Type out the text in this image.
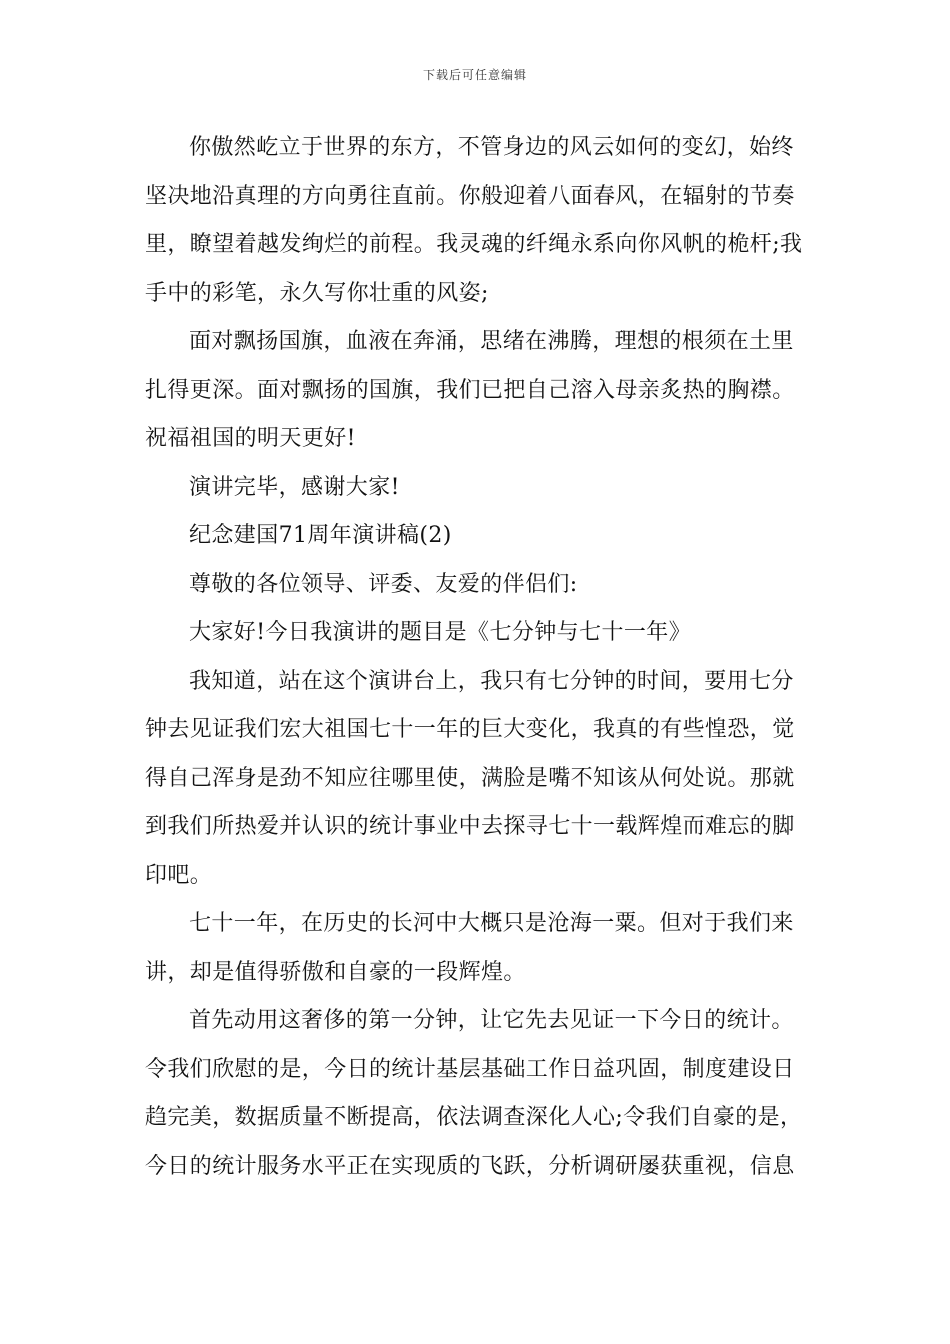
下载后可任意编辑
你傲然屹立于世界的东方，不管身边的风云如何的变幻，始终
坚决地沿真理的方向勇往直前。你般迎着八面春风，在辐射的节奏
里，瞭望着越发绚烂的前程。我灵魂的纤绳永系向你风帆的桅杆;我
手中的彩笔，永久写你壮重的风姿;
面对飘扬国旗，血液在奔涌，思绪在沸腾，理想的根须在土里
扎得更深。面对飘扬的国旗，我们已把自己溶入母亲炙热的胸襟。
祝福祖国的明天更好!
演讲完毕，感谢大家!
纪念建国71周年演讲稿(2)
尊敬的各位领导、评委、友爱的伴侣们:
大家好!今日我演讲的题目是《七分钟与七十一年》
我知道，站在这个演讲台上，我只有七分钟的时间，要用七分
钟去见证我们宏大祖国七十一年的巨大变化，我真的有些惶恐，觉
得自己浑身是劲不知应往哪里使，满脸是嘴不知该从何处说。那就
到我们所热爱并认识的统计事业中去探寻七十一载辉煌而难忘的脚
印吧。
七十一年，在历史的长河中大概只是沧海一粟。但对于我们来
讲，却是值得骄傲和自豪的一段辉煌。
首先动用这奢侈的第一分钟，让它先去见证一下今日的统计。
令我们欣慰的是，今日的统计基层基础工作日益巩固，制度建设日
趋完美，数据质量不断提高，依法调查深化人心;令我们自豪的是，
今日的统计服务水平正在实现质的飞跃，分析调研屡获重视，信息
